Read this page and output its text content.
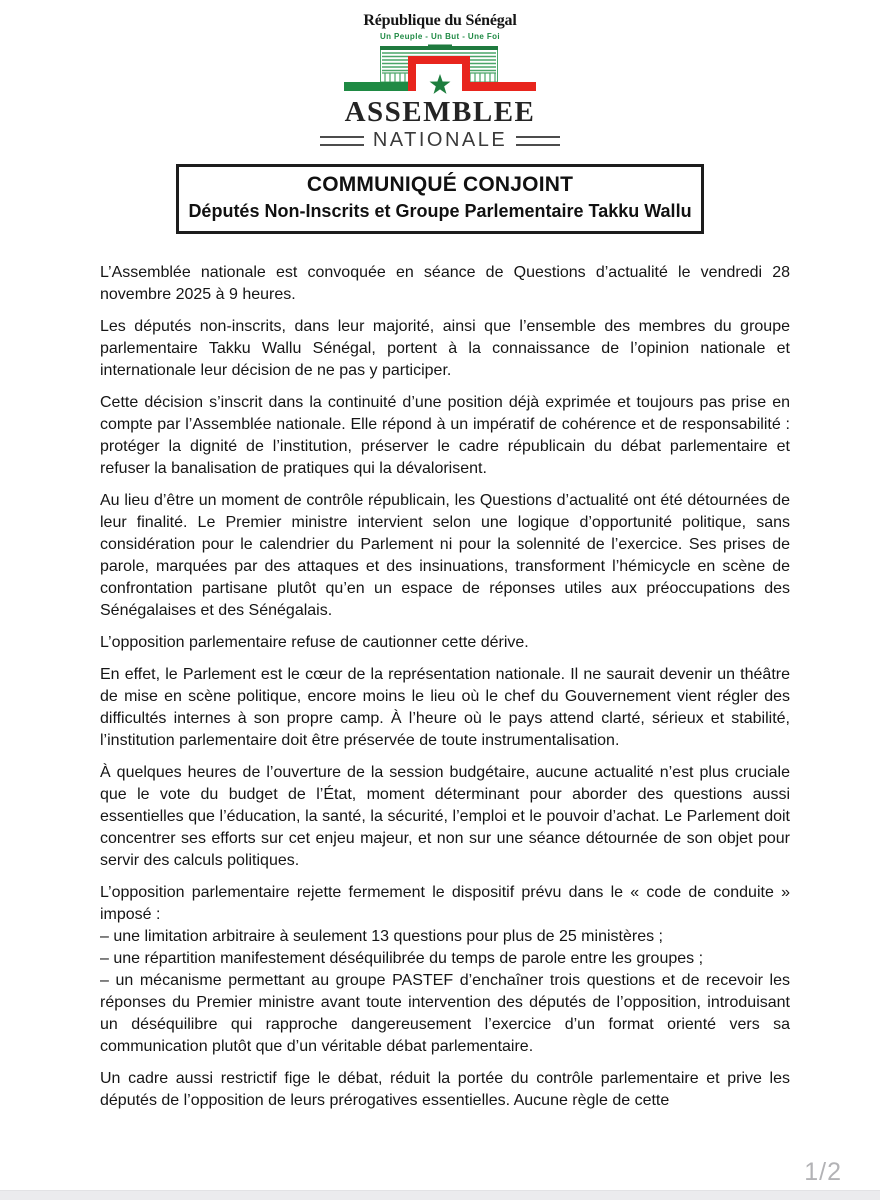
République du Sénégal
Un Peuple - Un But - Une Foi
ASSEMBLEE
NATIONALE
COMMUNIQUÉ CONJOINT
Députés Non-Inscrits et Groupe Parlementaire Takku Wallu

L’Assemblée nationale est convoquée en séance de Questions d’actualité le vendredi 28 novembre 2025 à 9 heures.

Les députés non-inscrits, dans leur majorité, ainsi que l’ensemble des membres du groupe parlementaire Takku Wallu Sénégal, portent à la connaissance de l’opinion nationale et internationale leur décision de ne pas y participer.

Cette décision s’inscrit dans la continuité d’une position déjà exprimée et toujours pas prise en compte par l’Assemblée nationale. Elle répond à un impératif de cohérence et de responsabilité : protéger la dignité de l’institution, préserver le cadre républicain du débat parlementaire et refuser la banalisation de pratiques qui la dévalorisent.

Au lieu d’être un moment de contrôle républicain, les Questions d’actualité ont été détournées de leur finalité. Le Premier ministre intervient selon une logique d’opportunité politique, sans considération pour le calendrier du Parlement ni pour la solennité de l’exercice. Ses prises de parole, marquées par des attaques et des insinuations, transforment l’hémicycle en scène de confrontation partisane plutôt qu’en un espace de réponses utiles aux préoccupations des Sénégalaises et des Sénégalais.

L’opposition parlementaire refuse de cautionner cette dérive.

En effet, le Parlement est le cœur de la représentation nationale. Il ne saurait devenir un théâtre de mise en scène politique, encore moins le lieu où le chef du Gouvernement vient régler des difficultés internes à son propre camp. À l’heure où le pays attend clarté, sérieux et stabilité, l’institution parlementaire doit être préservée de toute instrumentalisation.

À quelques heures de l’ouverture de la session budgétaire, aucune actualité n’est plus cruciale que le vote du budget de l’État, moment déterminant pour aborder des questions aussi essentielles que l’éducation, la santé, la sécurité, l’emploi et le pouvoir d’achat. Le Parlement doit concentrer ses efforts sur cet enjeu majeur, et non sur une séance détournée de son objet pour servir des calculs politiques.

L’opposition parlementaire rejette fermement le dispositif prévu dans le « code de conduite » imposé :

– une limitation arbitraire à seulement 13 questions pour plus de 25 ministères ;

– une répartition manifestement déséquilibrée du temps de parole entre les groupes ;

– un mécanisme permettant au groupe PASTEF d’enchaîner trois questions et de recevoir les réponses du Premier ministre avant toute intervention des députés de l’opposition, introduisant un déséquilibre qui rapproche dangereusement l’exercice d’un format orienté vers sa communication plutôt que d’un véritable débat parlementaire.

Un cadre aussi restrictif fige le débat, réduit la portée du contrôle parlementaire et prive les députés de l’opposition de leurs prérogatives essentielles. Aucune règle de cette

1/2
